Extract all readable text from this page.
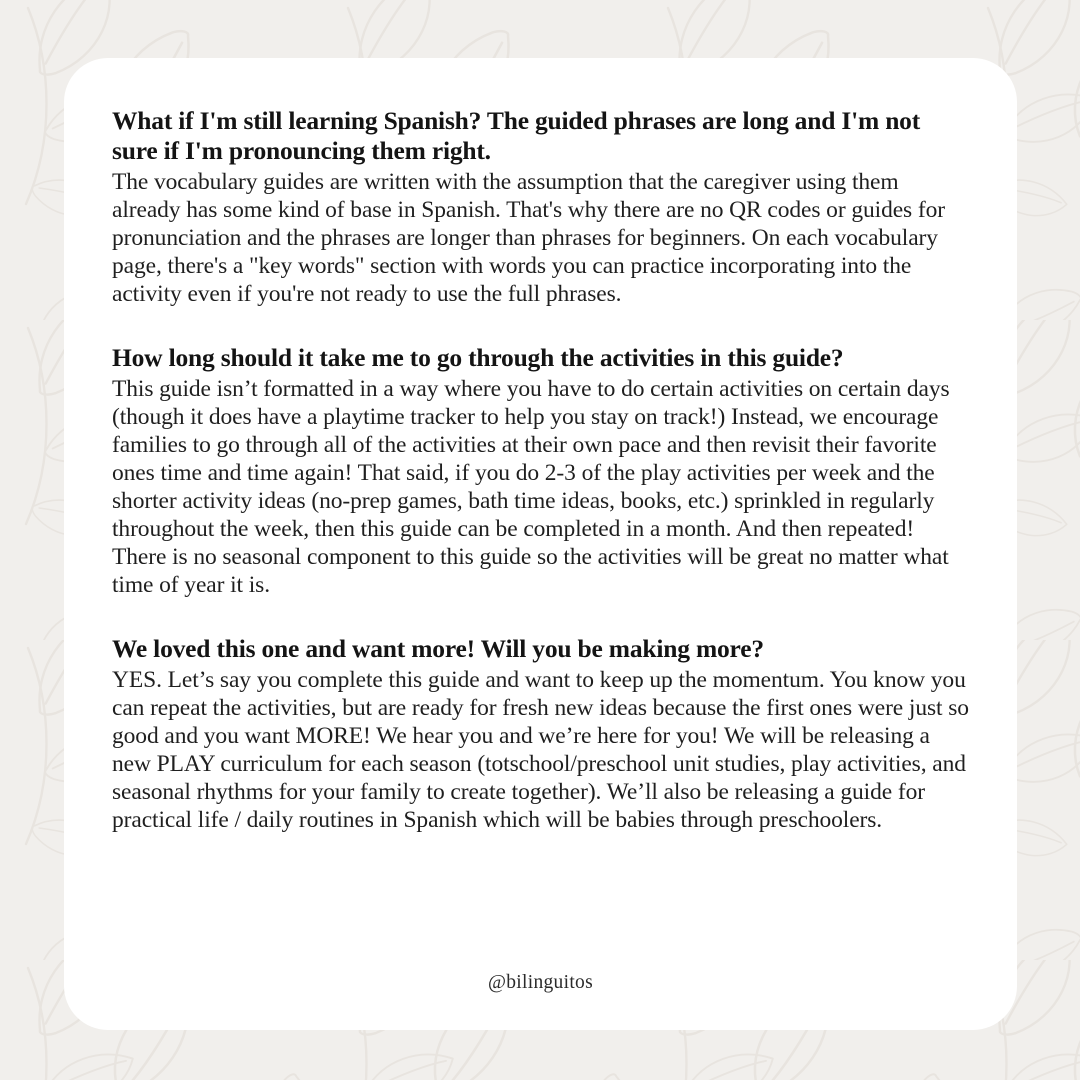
What if I'm still learning Spanish? The guided phrases are long and I'm not sure if I'm pronouncing them right.

The vocabulary guides are written with the assumption that the caregiver using them already has some kind of base in Spanish. That's why there are no QR codes or guides for pronunciation and the phrases are longer than phrases for beginners. On each vocabulary page, there's a "key words" section with words you can practice incorporating into the activity even if you're not ready to use the full phrases.

How long should it take me to go through the activities in this guide?

This guide isn’t formatted in a way where you have to do certain activities on certain days (though it does have a playtime tracker to help you stay on track!) Instead, we encourage families to go through all of the activities at their own pace and then revisit their favorite ones time and time again! That said, if you do 2-3 of the play activities per week and the shorter activity ideas (no-prep games, bath time ideas, books, etc.) sprinkled in regularly throughout the week, then this guide can be completed in a month. And then repeated! There is no seasonal component to this guide so the activities will be great no matter what time of year it is.

We loved this one and want more! Will you be making more?

YES. Let’s say you complete this guide and want to keep up the momentum. You know you can repeat the activities, but are ready for fresh new ideas because the first ones were just so good and you want MORE! We hear you and we’re here for you! We will be releasing a new PLAY curriculum for each season (totschool/preschool unit studies, play activities, and seasonal rhythms for your family to create together). We’ll also be releasing a guide for practical life / daily routines in Spanish which will be babies through preschoolers.

@bilinguitos
